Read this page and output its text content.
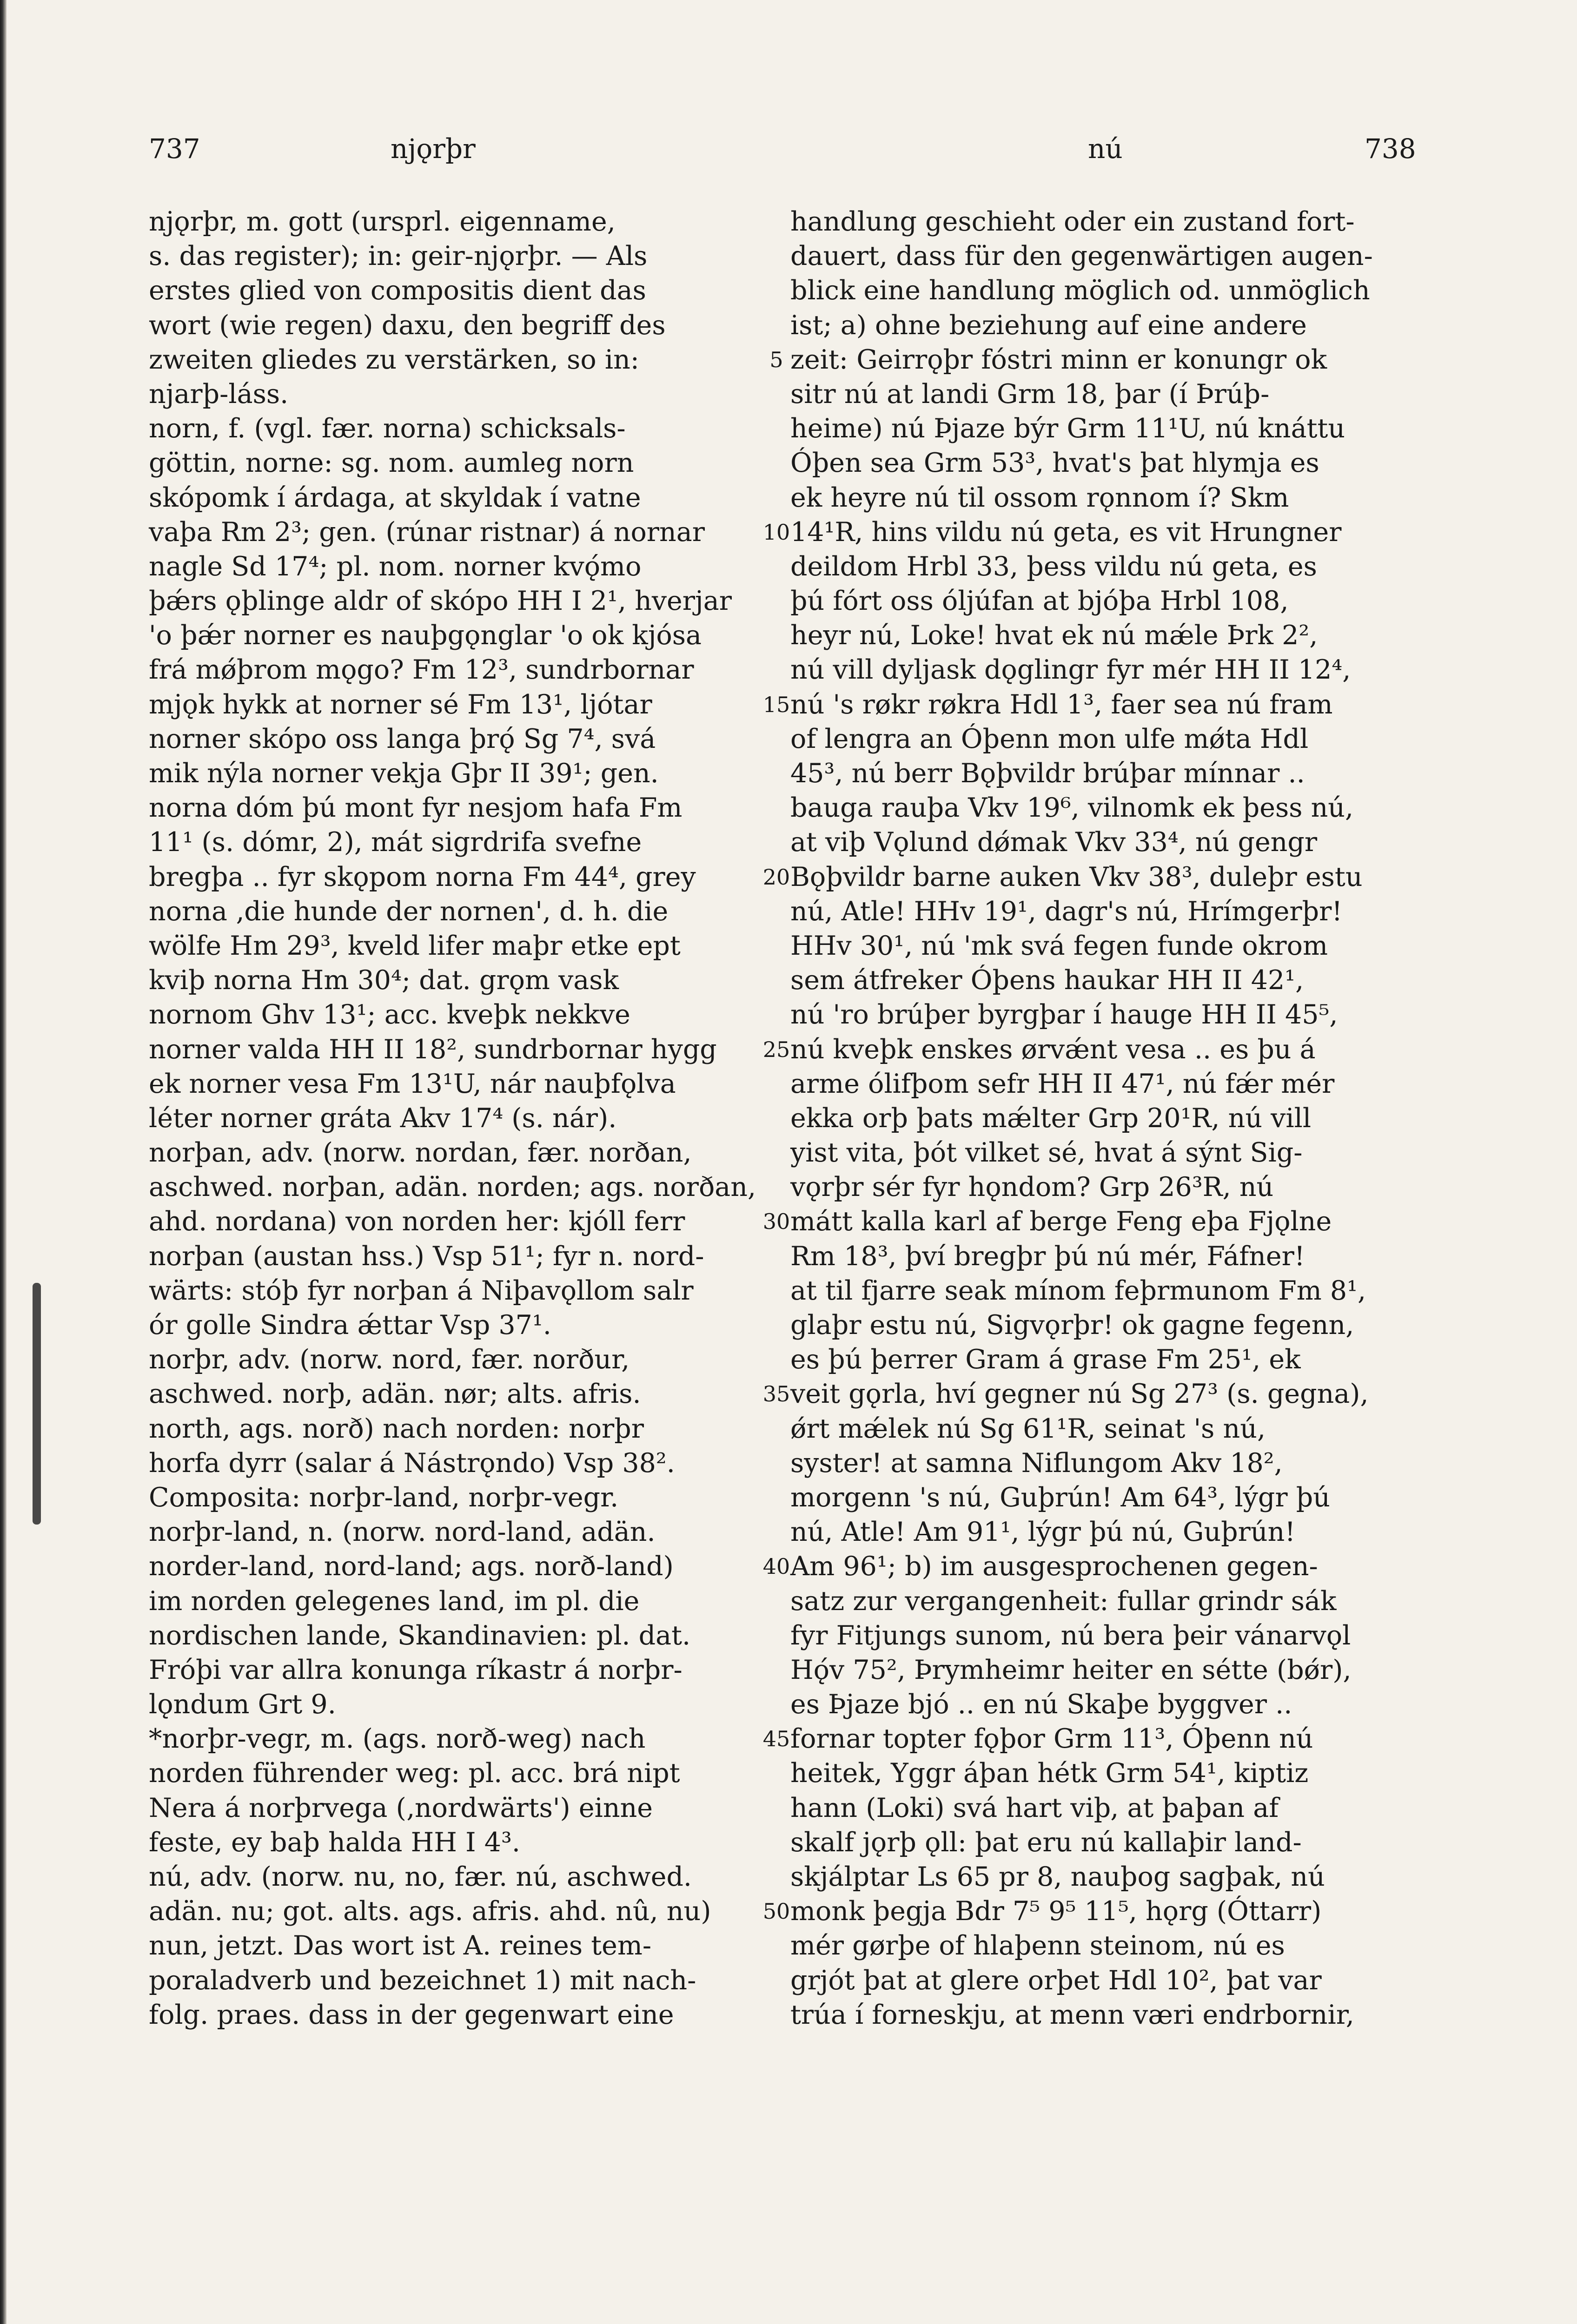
737	njǫrþr	nú	738
njǫrþr, m. gott (ursprl. eigenname,
s. das register); in: geir-njǫrþr. — Als
erstes glied von compositis dient das
wort (wie regen) daxu, den begriff des
zweiten gliedes zu verstärken, so in:
njarþ-láss.
norn, f. (vgl. fær. norna) schicksals-
göttin, norne: sg. nom. aumleg norn
skópomk í árdaga, at skyldak í vatne
vaþa Rm 2³; gen. (rúnar ristnar) á nornar
nagle Sd 17⁴; pl. nom. norner kvǫ́mo
þǽrs ǫþlinge aldr of skópo HH I 2¹, hverjar
'o þǽr norner es nauþgǫnglar 'o ok kjósa
frá mǿþrom mǫgo? Fm 12³, sundrbornar
mjǫk hykk at norner sé Fm 13¹, ljótar
norner skópo oss langa þrǫ́ Sg 7⁴, svá
mik nýla norner vekja Gþr II 39¹; gen.
norna dóm þú mont fyr nesjom hafa Fm
11¹ (s. dómr, 2), mát sigrdrifa svefne
bregþa .. fyr skǫpom norna Fm 44⁴, grey
norna ‚die hunde der nornen', d. h. die
wölfe Hm 29³, kveld lifer maþr etke ept
kviþ norna Hm 30⁴; dat. grǫm vask
nornom Ghv 13¹; acc. kveþk nekkve
norner valda HH II 18², sundrbornar hygg
ek norner vesa Fm 13¹U, nár nauþfǫlva
léter norner gráta Akv 17⁴ (s. nár).
norþan, adv. (norw. nordan, fær. norðan,
aschwed. norþan, adän. norden; ags. norðan,
ahd. nordana) von norden her: kjóll ferr
norþan (austan hss.) Vsp 51¹; fyr n. nord-
wärts: stóþ fyr norþan á Niþavǫllom salr
ór golle Sindra ǽttar Vsp 37¹.
norþr, adv. (norw. nord, fær. norður,
aschwed. norþ, adän. nør; alts. afris.
north, ags. norð) nach norden: norþr
horfa dyrr (salar á Nástrǫndo) Vsp 38².
Composita: norþr-land, norþr-vegr.
norþr-land, n. (norw. nord-land, adän.
norder-land, nord-land; ags. norð-land)
im norden gelegenes land, im pl. die
nordischen lande, Skandinavien: pl. dat.
Fróþi var allra konunga ríkastr á norþr-
lǫndum Grt 9.
*norþr-vegr, m. (ags. norð-weg) nach
norden führender weg: pl. acc. brá nipt
Nera á norþrvega (‚nordwärts') einne
feste, ey baþ halda HH I 4³.
nú, adv. (norw. nu, no, fær. nú, aschwed.
adän. nu; got. alts. ags. afris. ahd. nû, nu)
nun, jetzt. Das wort ist A. reines tem-
poraladverb und bezeichnet 1) mit nach-
folg. praes. dass in der gegenwart eine
5
10
15
20
25
30
35
40
45
50
handlung geschieht oder ein zustand fort-
dauert, dass für den gegenwärtigen augen-
blick eine handlung möglich od. unmöglich
ist; a) ohne beziehung auf eine andere
zeit: Geirrǫþr fóstri minn er konungr ok
sitr nú at landi Grm 18, þar (í Þrúþ-
heime) nú Þjaze býr Grm 11¹U, nú knáttu
Óþen sea Grm 53³, hvat's þat hlymja es
ek heyre nú til ossom rǫnnom í? Skm
14¹R, hins vildu nú geta, es vit Hrungner
deildom Hrbl 33, þess vildu nú geta, es
þú fórt oss óljúfan at bjóþa Hrbl 108,
heyr nú, Loke! hvat ek nú mǽle Þrk 2²,
nú vill dyljask dǫglingr fyr mér HH II 12⁴,
nú 's røkr røkra Hdl 1³, faer sea nú fram
of lengra an Óþenn mon ulfe mǿta Hdl
45³, nú berr Bǫþvildr brúþar mínnar ..
bauga rauþa Vkv 19⁶, vilnomk ek þess nú,
at viþ Vǫlund dǿmak Vkv 33⁴, nú gengr
Bǫþvildr barne auken Vkv 38³, duleþr estu
nú, Atle! HHv 19¹, dagr's nú, Hrímgerþr!
HHv 30¹, nú 'mk svá fegen funde okrom
sem átfreker Óþens haukar HH II 42¹,
nú 'ro brúþer byrgþar í hauge HH II 45⁵,
nú kveþk enskes ørvǽnt vesa .. es þu á
arme ólifþom sefr HH II 47¹, nú fǽr mér
ekka orþ þats mǽlter Grp 20¹R, nú vill
yist vita, þót vilket sé, hvat á sýnt Sig-
vǫrþr sér fyr hǫndom? Grp 26³R, nú
mátt kalla karl af berge Feng eþa Fjǫlne
Rm 18³, því bregþr þú nú mér, Fáfner!
at til fjarre seak mínom feþrmunom Fm 8¹,
glaþr estu nú, Sigvǫrþr! ok gagne fegenn,
es þú þerrer Gram á grase Fm 25¹, ek
veit gǫrla, hví gegner nú Sg 27³ (s. gegna),
ǿrt mǽlek nú Sg 61¹R, seinat 's nú,
syster! at samna Niflungom Akv 18²,
morgenn 's nú, Guþrún! Am 64³, lýgr þú
nú, Atle! Am 91¹, lýgr þú nú, Guþrún!
Am 96¹; b) im ausgesprochenen gegen-
satz zur vergangenheit: fullar grindr sák
fyr Fitjungs sunom, nú bera þeir vánarvǫl
Hǫ́v 75², Þrymheimr heiter en sétte (bǿr),
es Þjaze bjó .. en nú Skaþe byggver ..
fornar topter fǫþor Grm 11³, Óþenn nú
heitek, Yggr áþan hétk Grm 54¹, kiptiz
hann (Loki) svá hart viþ, at þaþan af
skalf jǫrþ ǫll: þat eru nú kallaþir land-
skjálptar Ls 65 pr 8, nauþog sagþak, nú
monk þegja Bdr 7⁵ 9⁵ 11⁵, hǫrg (Óttarr)
mér gørþe of hlaþenn steinom, nú es
grjót þat at glere orþet Hdl 10², þat var
trúa í forneskju, at menn væri endrbornir,
